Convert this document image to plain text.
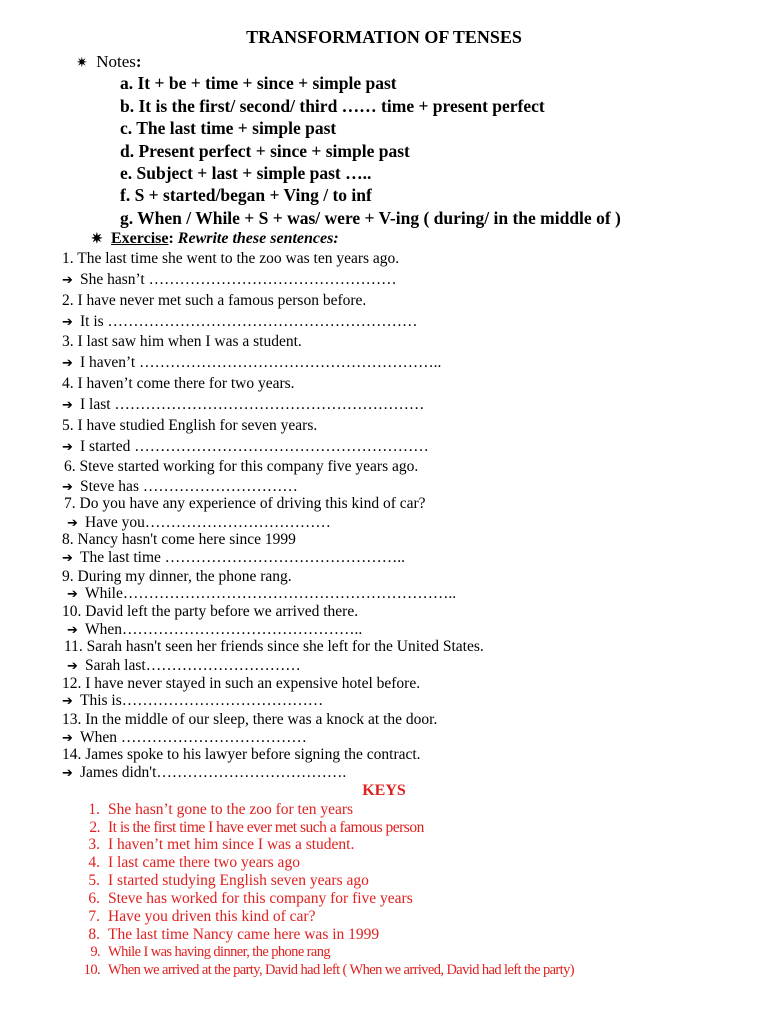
TRANSFORMATION OF TENSES
✷ Notes:
a. It + be + time + since + simple past
b. It is the first/ second/ third …… time + present perfect
c. The last time + simple past
d. Present perfect + since + simple past
e. Subject + last + simple past …..
f. S + started/began + Ving / to inf
g. When / While + S + was/ were + V-ing ( during/ in the middle of )
✷ Exercise: Rewrite these sentences:
1. The last time she went to the zoo was ten years ago.
➔ She hasn’t …………………………………………
2. I have never met such a famous person before.
➔ It is ……………………………………………………
3. I last saw him when I was a student.
➔ I haven’t …………………………………………………..
4. I haven’t come there for two years.
➔ I last ……………………………………………………
5. I have studied English for seven years.
➔ I started …………………………………………………
6. Steve started working for this company five years ago.
➔ Steve has …………………………
7. Do you have any experience of driving this kind of car?
➔ Have you………………………………
8. Nancy hasn't come here since 1999
➔ The last time ………………………………………..
9. During my dinner, the phone rang.
➔ While………………………………………………………..
10. David left the party before we arrived there.
➔ When………………………………………..
11. Sarah hasn't seen her friends since she left for the United States.
➔ Sarah last…………………………
12. I have never stayed in such an expensive hotel before.
➔ This is…………………………………
13. In the middle of our sleep, there was a knock at the door.
➔ When ………………………………
14. James spoke to his lawyer before signing the contract.
➔ James didn't……………………………….
KEYS
1. She hasn’t gone to the zoo for ten years
2. It is the first time I have ever met such a famous person
3. I haven’t met him since I was a student.
4. I last came there two years ago
5. I started studying English seven years ago
6. Steve has worked for this company for five years
7. Have you driven this kind of car?
8. The last time Nancy came here was in 1999
9. While I was having dinner, the phone rang
10. When we arrived at the party, David had left ( When we arrived, David had left the party)
